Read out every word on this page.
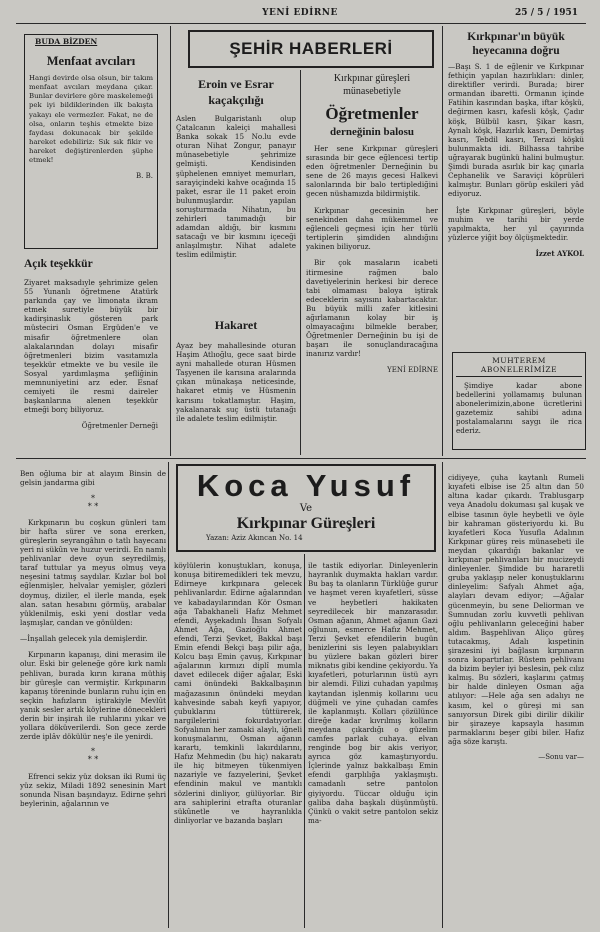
YENİ EDİRNE	25 / 5 / 1951
BUDA BİZDEN
Menfaat avcıları

Hangi devirde olsa olsun, bir takım menfaat avcıları meydana çıkar. Bunlar devirlere göre maskelemeği pek iyi bildiklerinden ilk bakışta yakayı ele vermezler. Fakat, ne de olsa, onların teşhis etmekte bize faydası dokunacak bir şekilde hareket edebiliriz: Sık sık fikir ve hareket değiştirenlerden şüphe etmek!

B. B.
Açık teşekkür

Ziyaret maksadıyle şehrimize gelen 55 Yunanlı öğretmene Atatürk parkında çay ve limonata ikram etmek suretiyle büyük bir kadirşinaslık gösteren park müsteciri Osman Ergüden'e ve misafir öğretmenlere olan alakalarından dolayı misafir öğretmenleri bizim vasıtamızla teşekkür etmekte ve bu vesile ile Sosyal yardımlaşma şefliğinin memnuniyetini arz eder. Esnaf cemiyeti ile resmi daireler başkanlarına alenen teşekkür etmeği borç biliyoruz.

Öğretmenler Derneği
ŞEHİR HABERLERİ
Eroin ve Esrar kaçakçılığı

Aslen Bulgaristanlı olup Çatalcanın kaleiçi mahallesi Banka sokak 15 No.lu evde oturan Nihat Zongur, panayır münasebetiyle şehrimize gelmişti. Kendisinden şüphelenen emniyet memurları, sarayiçindeki kahve ocağında 15 paket, esrar ile 11 paket eroin bulunmuşlardır. yapılan soruşturmada Nihatın, bu zehirleri tanımadığı bir adamdan aldığı, bir kısmını satacağı ve bir kısmını içeceği anlaşılmıştır. Nihat adalete teslim edilmiştir.

Hakaret

Ayaz bey mahallesinde oturan Haşim Atlıoğlu, gece saat birde ayni mahallede oturan Hüsmen Taşyenen ile karısına aralarında çıkan münakaşa neticesinde, hakaret etmiş ve Hüsmenin karısını tokatlamıştır. Haşim, yakalanarak suç üstü tutanağı ile adalete teslim edilmiştir.

Kırkpınar güreşleri münasebetiyle
Öğretmenler
derneğinin balosu

Her sene Kırkpınar güreşleri sırasında bir gece eğlencesi tertip eden öğretmenler Derneğinin bu sene de 26 mayıs gecesi Halkevi salonlarında bir balo tertiplediğini gecen nüshamızda bildirmiştik.

Kırkpınar gecesinin her senekinden daha mükemmel ve eğlenceli geçmesi için her türlü tertiplerin şimdiden alındığını yakinen biliyoruz.

Bir çok masaların icabeti itirmesine rağmen balo davetiyelerinin herkesi bir derece tabi olmaması baloya iştirak edeceklerin sayısını kabartacaktır. Bu büyük milli zafer kitlesini ağırlamanın kolay bir iş olmayacağını bilmekle beraber, Öğretmenler Derneğinin bu işi de başarı ile sonuçlandıracağına inanırız vardır!

YENİ EDİRNE
Kırkpınar'ın büyük heyecanına doğru

—Başı S. 1 de eğlenir ve Kırkpınar fethiçin yapılan hazırlıkları: dinler, direktifler verirdi. Burada; birer ormandan ibaretti. Ormanın içinde Fatihin kasrından başka, iftar köşkü, değirmen kasrı, kafesli köşk, Çadır köşk, Bülbül kasrı, Şikar kasrı, Aynalı köşk, Hazırlık kasrı, Demirtaş kasrı, Tebdil kasrı, Terazi köşkü bulunmakta idi. Bilhassa tahribe uğrayarak bugünkü halini bulmuştur. Şimdi burada asırlık bir kaç çınarla Cephanelik ve Saraviçi köprüleri kalmıştır. Bunları görüp eskileri yâd ediyoruz.

İşte Kırkpınar güreşleri, böyle muhim ve tarihi bir yerde yapılmakta, her yıl çayırında yüzlerce yiğit boy ölçüşmektedir.

İzzet AYKOL
MUHTEREM
ABONELERİMİZE

Şimdiye kadar abone bedellerini yollamamış bulunan abonelerimizin,abone ücretlerini gazetemiz sahibi adına postalamalarını saygı ile rica ederiz.

Ben oğluma bir at alayım Binsin de gelsin jandarma gibi

*
* *

Kırkpınarın bu coşkun günleri tam bir hafta sürer ve sona ererken, güreşlerin seyrangâhın o tatlı hayecanı yeri ni sükûn ve huzur verirdi. En namlı pehlivanlar deve oyun seyredilmiş, taraf tuttular ya meyus olmuş veya neşesini tatmış saydılar. Kızlar bol bol eğlenmişler, helvalar yemişler, gözleri doymuş, diziler, el ilerle manda, eşek alan. satan hesabını görmüş, arabalar yüklenilmiş, eski yeni dostlar veda laşmışlar, candan ve gönülden:

—İnşallah gelecek yıla demişlerdir.

Kırpınarın kapanışı, dini merasim ile olur. Eski bir geleneğe göre kırk namlı pehlivan, burada kırın kırana müthiş bir güreşle can vermiştir. Kırkpınarın kapanış töreninde bunların ruhu için en seçkin hafızların iştirakiyle Mevlût yanık sesler artık köylerine dönecekleri derin bir inşirah ile ruhlarını yıkar ve yollara döküverilerdi. Son gece zerde zerde iplâv dökülür neş'e ile yenirdi.

*
* *

Efrenci sekiz yüz doksan iki Rumi üç yüz sekiz, Miladi 1892 senesinin Mart sonunda Nisan başındayız. Edirne şehri beylerinin, ağalarının ve

Koca Yusuf
Ve
Kırkpınar Güreşleri
Yazan: Aziz Akıncan No. 14

köylülerin konuştukları, konuşa, konuşa bitiremedikleri tek mevzu, Edirneye kırkpınara gelecek pehlivanlardır. Edirne ağalarından ve kabadayılarından Kör Osman ağa Tabakhaneli Hafız Mehmet efendi, Ayşekadınlı İhsan Sofyalı Ahmet Ağa, Gazioğlu Ahmet efendi, Terzi Şevket, Bakkal başı Emin efendi Bekçi başı pilir ağa, Kolcu başı Emin çavuş, Kırkpınar ağalarının kırmızı diplî mumla davet edilecek diğer ağalar, Eski cami önündeki Bakkalbaşının mağazasının önündeki meydan kahvesinde sabah keyfi yapıyor, çubuklarını tüttürerek, nargilelerini fokurdatıyorlar. Sofyalının her zamaki alaylı, iğneli konuşmalarını, Osman ağanın karartı, temkinli lakırdılarını, Hafız Mehmedin (bu hiç) nakaratı ile hiç bitmeyen tükenmiyen nazariyle ve fazıyelerini, Şevket efendinin makul ve mantıklı sözlerini dinliyor, gülüyorlar. Bir ara sahiplerini etrafta oturanlar sükûnetle ve hayranlıkla dinliyorlar ve bazanda başları

ile tastik ediyorlar. Dinleyenlerin hayranlık duymakta hakları vardır. Bu baş ta olanların Türklüğe gurur ve haşmet veren kıyafetleri, süsse ve heybetleri hakikaten seyredilecek bir manzarasıdır. Osman ağanın, Ahmet ağanın Gazi oğlunun, esmerce Hafız Mehmet, Terzi Şevket efendilerin bugün benizlerini sis leyen palabıyıkları bu yüzlere bakan gözleri birer miknatıs gibi kendine çekiyordu. Ya kıyafetleri, poturlarının üstü ayrı bir alemdi. Filizi cuhadan yapılmış kaytandan işlenmiş kollarını ucu düğmeli ve yine çuhadan camfes ile kaplanmıştı. Kolları çözülünce direğe kadar kıvrılmış kolların meydana çıkardığı o güzelim camfes parlak cuhaya. elvan renginde bog bir akis veriyor, ayrıca göz kamaştırıyordu. İçlerinde yalnız bakkalbaşı Emin efendi garplılığa yaklaşmıştı. camadanlı setre pantolon giyiyordu. Tüccar olduğu için galiba daha başkalı düşünmüştü. Çünkü o vakit setre pantolon sekiz ma-

cidiyeye, çuha kaytanlı Rumeli kıyafeti elbise ise 25 altın dan 50 altına kadar çıkardı. Trablusgarp veya Anadolu dokuması şal kuşak ve elbise tasının öyle heybetli ve öyle bir kahraman gösteriyordu ki. Bu kıyafetleri Koca Yusufla Adalının Kırkpınar güreş reis münasebeti ile meydan çıkardığı bakanlar ve kırkpınar pehlivanları bir mucizeydi dinleyenler. Şimdide bu hararetli gruba yaklaşıp neler konuştuklarını dinleyelim: Safyalı Ahmet ağa, alayları devam ediyor; —Ağalar gücenmeyin, bu sene Deliorman ve Sumnudan zorlu kuvvetli pehlivan oğlu pehlivanların geleceğini haber aldım. Başpehlivan Aliço güreş tutacakmış, Adalı kıspetinin şirazesini iyi bağlasın kırpınarın sonra kopartırlar. Rüstem pehlivanı da bizim beyler iyi beslesin, pek cılız kalmış. Bu sözleri, kaşlarını çatmış bir halde dinleyen Osman ağa atılıyor: —Hele ağa sen adalıyı ne kasım, kel o güreşi mi san sanıyorsun Direk gibi dirilir dikilir bir şirazeye kapsayla hasımın parmaklarını beşer gibi biler. Hafız ağa söze karıştı.

—Sonu var—
